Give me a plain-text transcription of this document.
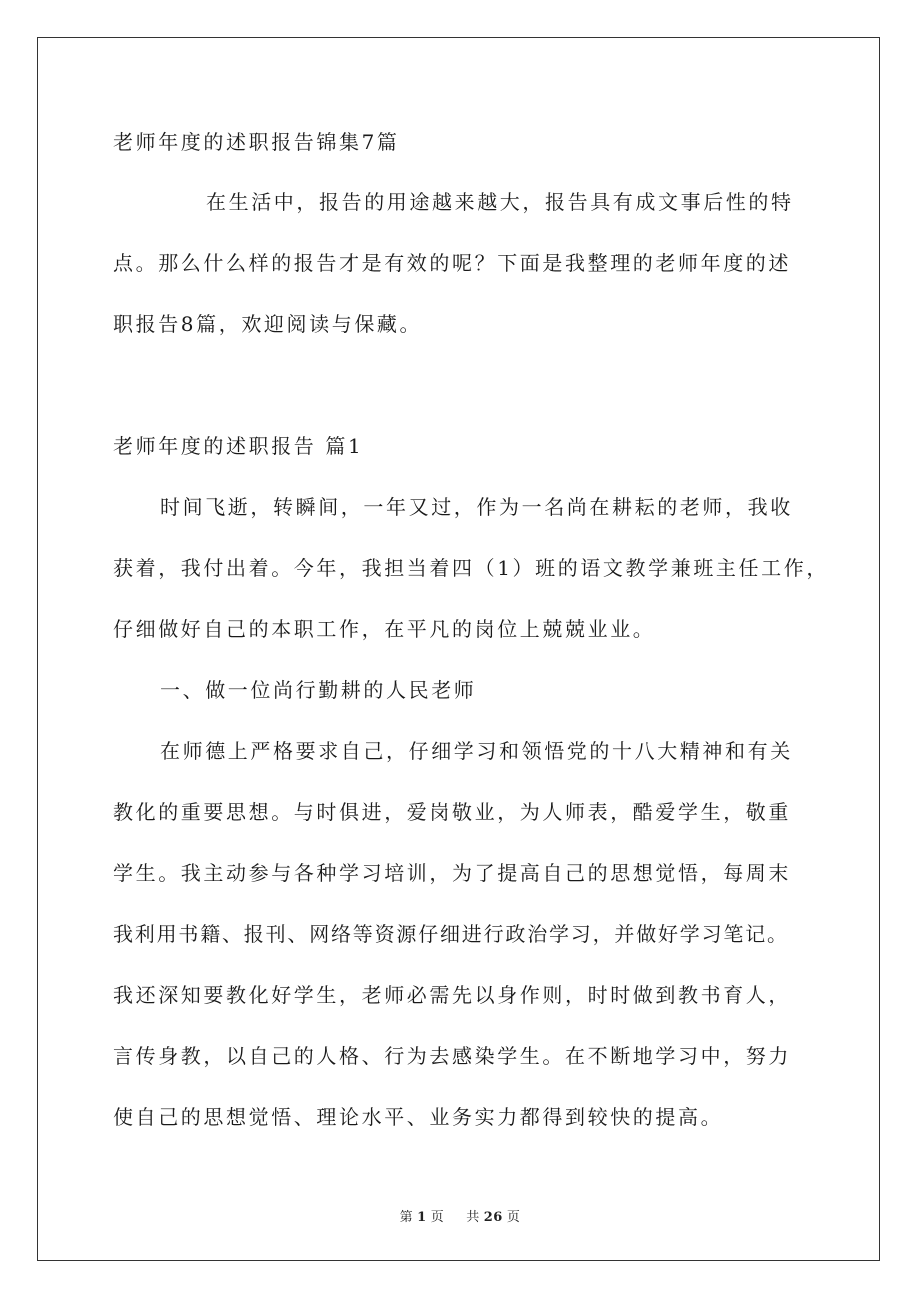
老师年度的述职报告锦集7篇
在生活中，报告的用途越来越大，报告具有成文事后性的特
点。那么什么样的报告才是有效的呢？下面是我整理的老师年度的述
职报告8篇，欢迎阅读与保藏。
老师年度的述职报告 篇1
时间飞逝，转瞬间，一年又过，作为一名尚在耕耘的老师，我收
获着，我付出着。今年，我担当着四（1）班的语文教学兼班主任工作，
仔细做好自己的本职工作，在平凡的岗位上兢兢业业。
一、做一位尚行勤耕的人民老师
在师德上严格要求自己，仔细学习和领悟党的十八大精神和有关
教化的重要思想。与时俱进，爱岗敬业，为人师表，酷爱学生，敬重
学生。我主动参与各种学习培训，为了提高自己的思想觉悟，每周末
我利用书籍、报刊、网络等资源仔细进行政治学习，并做好学习笔记。
我还深知要教化好学生，老师必需先以身作则，时时做到教书育人，
言传身教，以自己的人格、行为去感染学生。在不断地学习中，努力
使自己的思想觉悟、理论水平、业务实力都得到较快的提高。
第 1 页 共 26 页
